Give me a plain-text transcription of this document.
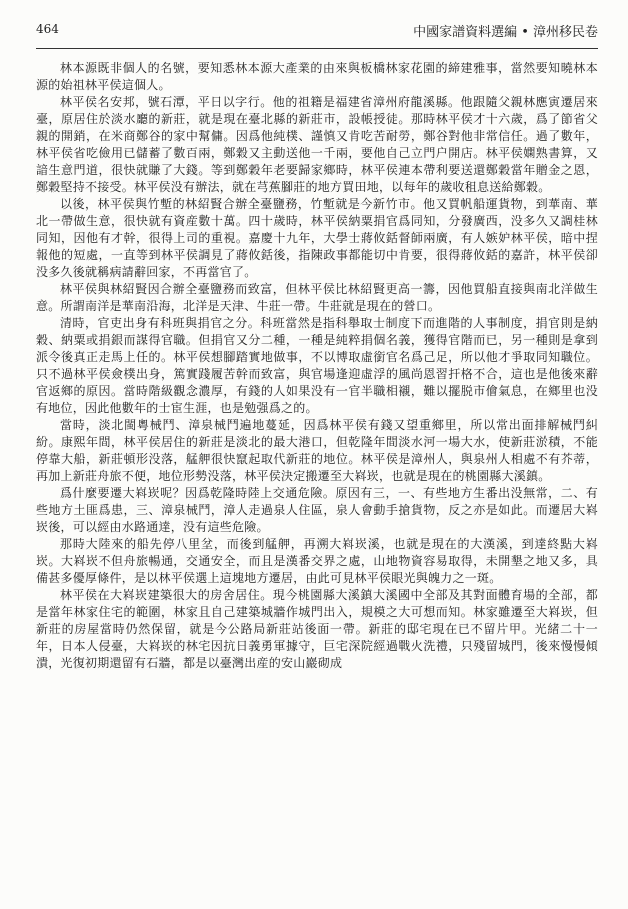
464	中國家譜資料選編 • 漳州移民卷

林本源既非個人的名號，要知悉林本源大產業的由來與板橋林家花園的締建雅事，當然要知曉林本源的始祖林平侯這個人。

林平侯名安邦，號石潭，平日以字行。他的祖籍是福建省漳州府龍溪縣。他跟隨父親林應寅遷居來臺，原居住於淡水廳的新莊，就是現在臺北縣的新莊市，設帳授徒。那時林平侯才十六歲，爲了節省父親的開銷，在米商鄭谷的家中幫傭。因爲他純樸、謹慎又肯吃苦耐勞，鄭谷對他非常信任。過了數年，林平侯省吃儉用已儲蓄了數百兩，鄭穀又主動送他一千兩，要他自己立門户開店。林平侯嫻熟書算，又諳生意門道，很快就賺了大錢。等到鄭穀年老要歸家鄉時，林平侯連本帶利要送還鄭穀當年贈金之恩，鄭穀堅持不接受。林平侯没有辦法，就在芎蕉腳莊的地方買田地，以每年的歲收租息送給鄭穀。

以後，林平侯與竹塹的林紹賢合辦全臺鹽務，竹塹就是今新竹市。他又買帆船運貨物，到華南、華北一帶做生意，很快就有資産數十萬。四十歲時，林平侯納粟捐官爲同知，分發廣西，没多久又調桂林同知，因他有才幹，很得上司的重視。嘉慶十九年，大學士蔣攸銛督師兩廣，有人嫉妒林平侯，暗中捏報他的短處，一直等到林平侯調見了蔣攸銛後，指陳政事都能切中肯要，很得蔣攸銛的嘉許，林平侯卻没多久後就稱病請辭回家，不再當官了。

林平侯與林紹賢因合辦全臺鹽務而致富，但林平侯比林紹賢更高一籌，因他買船直接與南北洋做生意。所謂南洋是華南沿海，北洋是天津、牛莊一帶。牛莊就是現在的營口。

清時，官吏出身有科班與捐官之分。科班當然是指科舉取士制度下而進階的人事制度，捐官則是納穀、納粟或捐銀而謀得官職。但捐官又分二種，一種是純粹捐個名義，獲得官階而已，另一種則是拿到派令後真正走馬上任的。林平侯想腳踏實地做事，不以博取虛銜官名爲己足，所以他才爭取同知職位。只不過林平侯僉樸出身，篤實踐履苦幹而致富，與官場逢迎虛浮的風尚恩習扞格不合，這也是他後來辭官返鄉的原因。當時階級觀念濃厚，有錢的人如果没有一官半職相襯，難以擺脱市儈氣息，在鄉里也没有地位，因此他數年的士宦生涯，也是勉强爲之的。

當時，淡北閩粵械鬥、漳泉械鬥遍地蔓延，因爲林平侯有錢又望重鄉里，所以常出面排解械鬥糾紛。康熙年間，林平侯居住的新莊是淡北的最大港口，但乾隆年間淡水河一場大水，使新莊淤積，不能停靠大船，新莊頓形没落，艋舺很快竄起取代新莊的地位。林平侯是漳州人，與泉州人相處不有芥蒂，再加上新莊舟旅不便，地位形勢没落，林平侯決定搬遷至大嵙崁，也就是現在的桃園縣大溪鎮。

爲什麼要遷大嵙崁呢？因爲乾隆時陸上交通危險。原因有三，一、有些地方生番出没無常，二、有些地方土匪爲患，三、漳泉械鬥，漳人走過泉人住區，泉人會動手搶貨物，反之亦是如此。而遷居大嵙崁後，可以經由水路通達，没有這些危險。

那時大陸來的船先停八里坌，而後到艋舺，再溯大嵙崁溪，也就是現在的大漢溪，到達終點大嵙崁。大嵙崁不但舟旅暢通，交通安全，而且是漢番交界之處，山地物資容易取得，未開墾之地又多，具備甚多優厚條件，是以林平侯選上這塊地方遷居，由此可見林平侯眼光與魄力之一斑。

林平侯在大嵙崁建築很大的房舍居住。現今桃園縣大溪鎮大溪國中全部及其對面體育場的全部，都是當年林家住宅的範圍，林家且自己建築城牆作城門出入，規模之大可想而知。林家雖遷至大嵙崁，但新莊的房屋當時仍然保留，就是今公路局新莊站後面一帶。新莊的邸宅現在已不留片甲。光緒二十一年，日本人侵臺，大嵙崁的林宅因抗日義勇軍據守，巨宅深院經過戰火洗禮，只殘留城門，後來慢慢傾潰，光復初期還留有石牆，都是以臺灣出産的安山巖砌成
